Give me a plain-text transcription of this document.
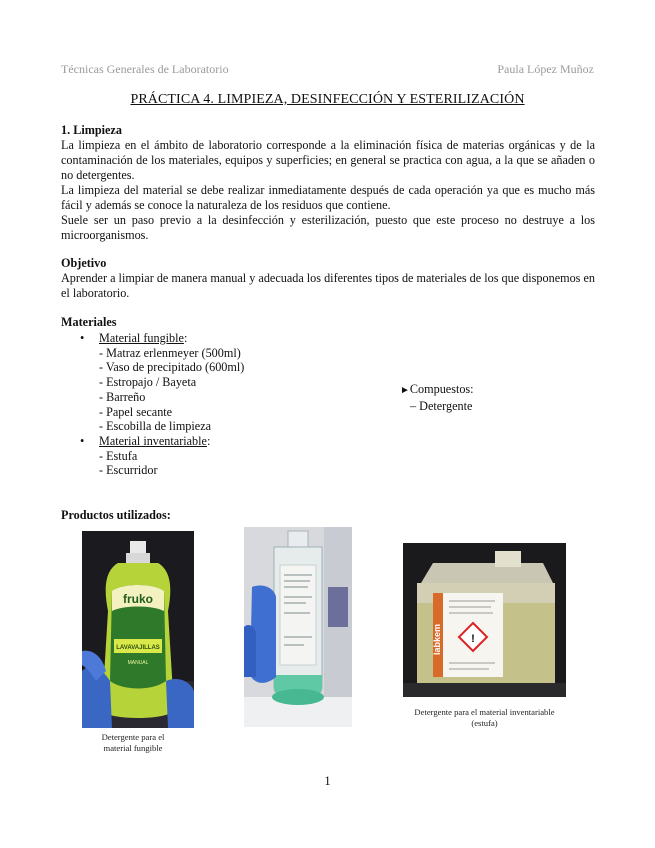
Técnicas Generales de Laboratorio	Paula López Muñoz
PRÁCTICA 4. LIMPIEZA, DESINFECCIÓN Y ESTERILIZACIÓN
1. Limpieza

La limpieza en el ámbito de laboratorio corresponde a la eliminación física de materias orgánicas y de la contaminación de los materiales, equipos y superficies; en general se practica con agua, a la que se añaden o no detergentes.

La limpieza del material se debe realizar inmediatamente después de cada operación ya que es mucho más fácil y además se conoce la naturaleza de los residuos que contiene.

Suele ser un paso previo a la desinfección y esterilización, puesto que este proceso no destruye a los microorganismos.

Objetivo

Aprender a limpiar de manera manual y adecuada los diferentes tipos de materiales de los que disponemos en el laboratorio.

Materiales
•	Material fungible:
- Matraz erlenmeyer (500ml)
- Vaso de precipitado (600ml)
- Estropajo / Bayeta
- Barreño
- Papel secante
- Escobilla de limpieza
•	Material inventariable:
- Estufa
- Escurridor
►Compuestos:
– Detergente
Productos utilizados:
fruko
LAVAVAJILLAS
MANUAL
Detergente para el
material fungible
labkem	!
Detergente para el material inventariable
(estufa)
1
